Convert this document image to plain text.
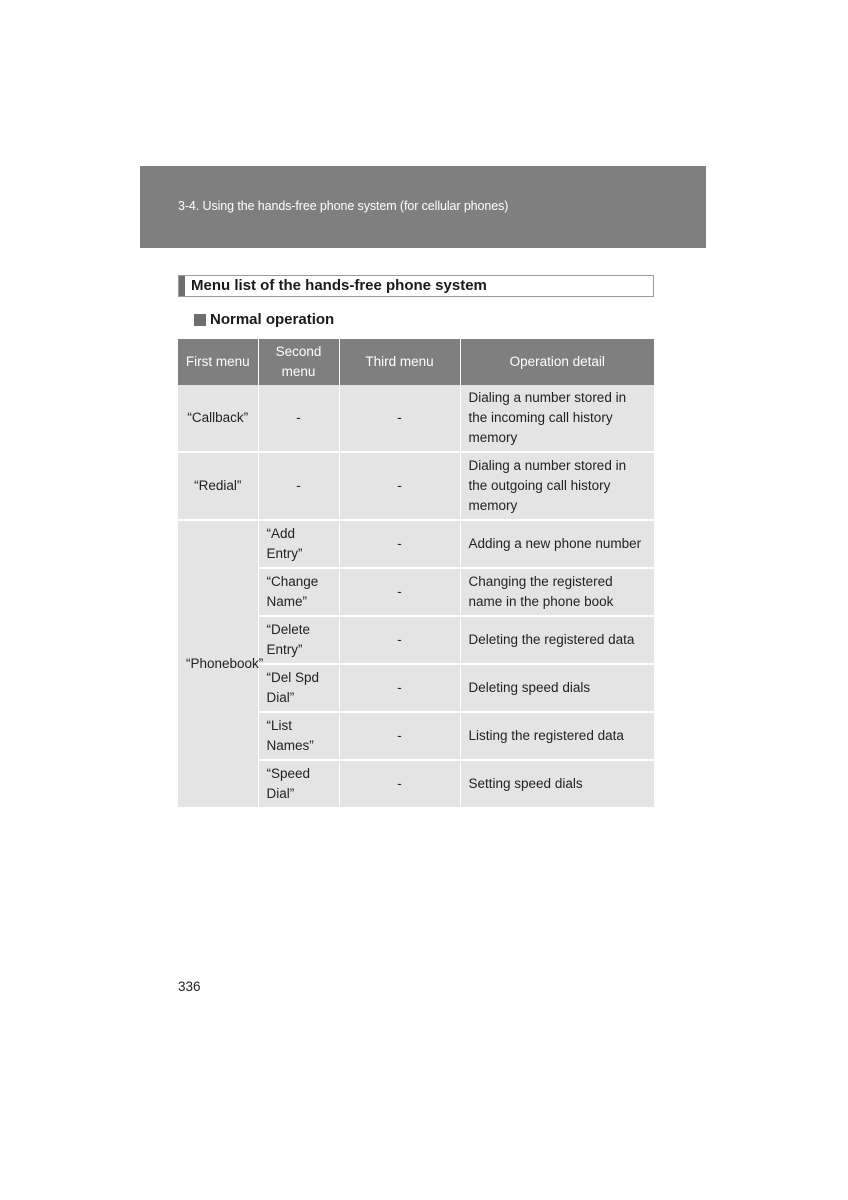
3-4. Using the hands-free phone system (for cellular phones)
Menu list of the hands-free phone system
Normal operation
First menu	Second menu	Third menu	Operation detail
“Callback”	-	-	Dialing a number stored in the incoming call history memory
“Redial”	-	-	Dialing a number stored in the outgoing call history memory
“Phonebook”	“Add Entry”	-	Adding a new phone number
	“Change Name”	-	Changing the registered name in the phone book
	“Delete Entry”	-	Deleting the registered data
	“Del Spd Dial”	-	Deleting speed dials
	“List Names”	-	Listing the registered data
	“Speed Dial”	-	Setting speed dials
336
